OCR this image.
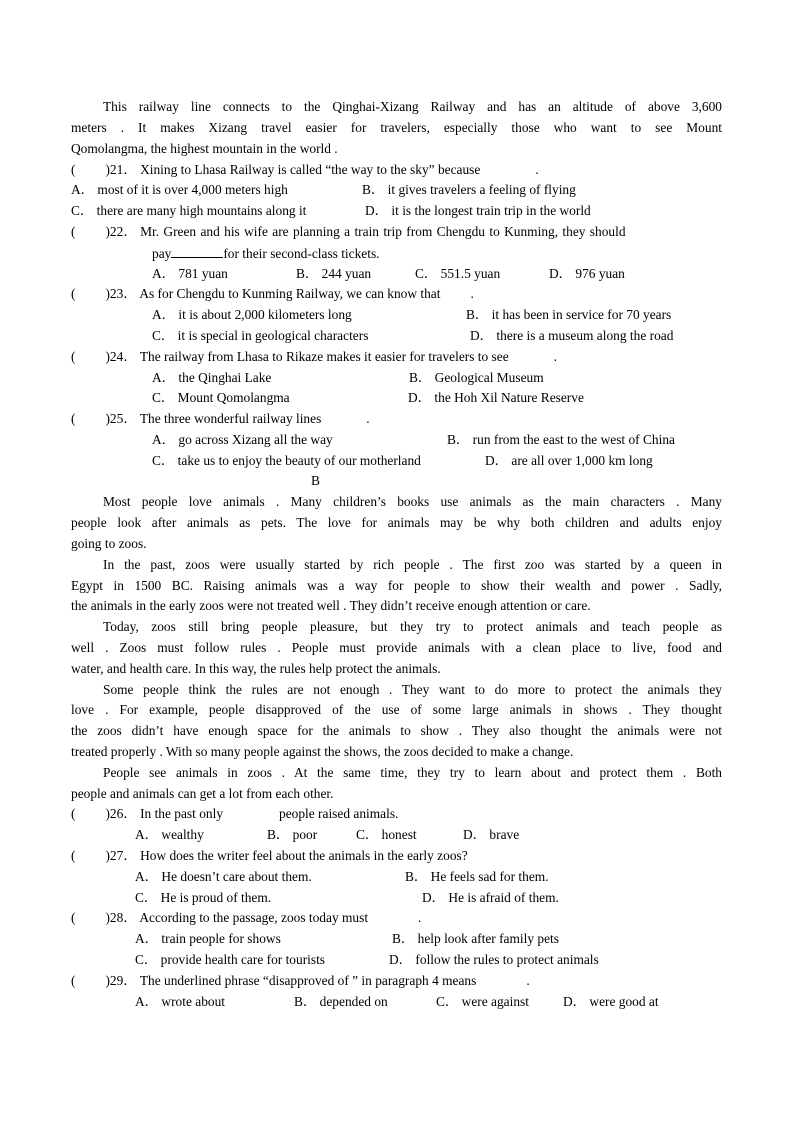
This railway line connects to the Qinghai-Xizang Railway and has an altitude of above 3,600
meters . It makes Xizang travel easier for travelers, especially those who want to see Mount
Qomolangma, the highest mountain in the world .
( )21． Xining to Lhasa Railway is called “the way to the sky” because	.
A． most of it is over 4,000 meters high	B． it gives travelers a feeling of flying
C． there are many high mountains along it	D． it is the longest train trip in the world
( )22． Mr. Green and his wife are planning a train trip from Chengdu to Kunming, they should
pay	for their second-class tickets.
A． 781 yuan	B． 244 yuan	C． 551.5 yuan	D． 976 yuan
( )23． As for Chengdu to Kunming Railway, we can know that .
A． it is about 2,000 kilometers long	B． it has been in service for 70 years
C． it is special in geological characters	D． there is a museum along the road
( )24． The railway from Lhasa to Rikaze makes it easier for travelers to see	.
A． the Qinghai Lake	B． Geological Museum
C． Mount Qomolangma	D． the Hoh Xil Nature Reserve
( )25． The three wonderful railway lines	.
A． go across Xizang all the way	B． run from the east to the west of China
C． take us to enjoy the beauty of our motherland	D． are all over 1,000 km long
B
Most people love animals . Many children’s books use animals as the main characters . Many
people look after animals as pets. The love for animals may be why both children and adults enjoy
going to zoos.
In the past, zoos were usually started by rich people . The first zoo was started by a queen in
Egypt in 1500 BC. Raising animals was a way for people to show their wealth and power . Sadly,
the animals in the early zoos were not treated well . They didn’t receive enough attention or care.
Today, zoos still bring people pleasure, but they try to protect animals and teach people as
well . Zoos must follow rules . People must provide animals with a clean place to live, food and
water, and health care. In this way, the rules help protect the animals.
Some people think the rules are not enough . They want to do more to protect the animals they
love . For example, people disapproved of the use of some large animals in shows . They thought
the zoos didn’t have enough space for the animals to show . They also thought the animals were not
treated properly . With so many people against the shows, the zoos decided to make a change.
People see animals in zoos . At the same time, they try to learn about and protect them . Both
people and animals can get a lot from each other.
( )26． In the past only	people raised animals.
A． wealthy	B． poor	C． honest	D． brave
( )27． How does the writer feel about the animals in the early zoos?
A． He doesn’t care about them.	B． He feels sad for them.
C． He is proud of them.	D． He is afraid of them.
( )28． According to the passage, zoos today must	.
A． train people for shows	B． help look after family pets
C． provide health care for tourists	D． follow the rules to protect animals
( )29． The underlined phrase “disapproved of ” in paragraph 4 means	.
A． wrote about	B． depended on	C． were against	D． were good at
